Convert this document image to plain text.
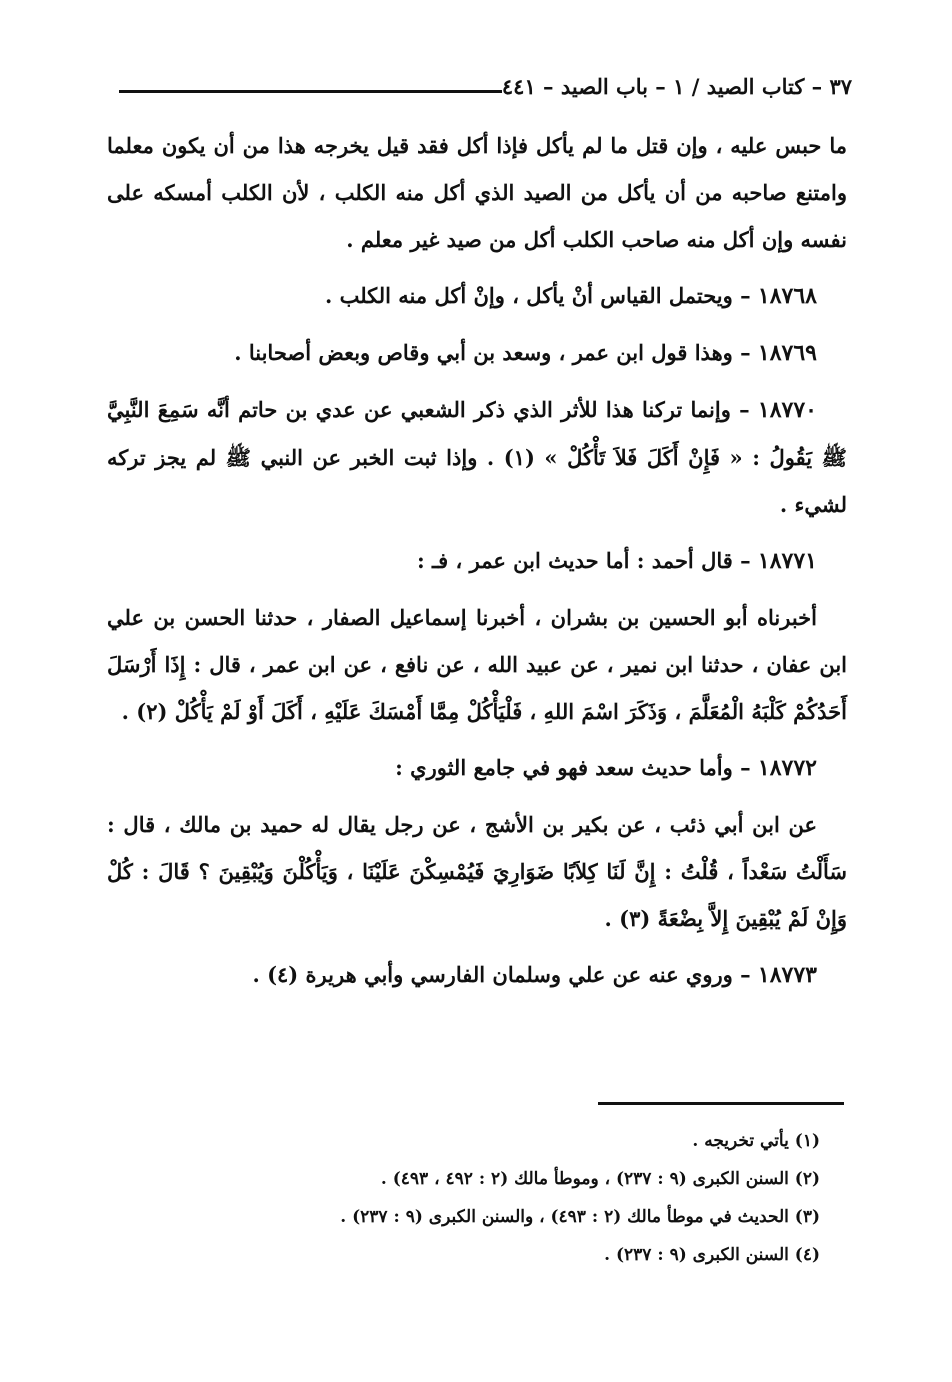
٣٧ – كتاب الصيد / ١ – باب الصيد – ٤٤١

ما حبس عليه ، وإن قتل ما لم يأكل فإذا أكل فقد قيل يخرجه هذا من أن يكون معلما وامتنع صاحبه من أن يأكل من الصيد الذي أكل منه الكلب ، لأن الكلب أمسكه على نفسه وإن أكل منه صاحب الكلب أكل من صيد غير معلم .

١٨٧٦٨ – ويحتمل القياس أنْ يأكل ، وإنْ أكل منه الكلب .

١٨٧٦٩ – وهذا قول ابن عمر ، وسعد بن أبي وقاص وبعض أصحابنا .

١٨٧٧٠ – وإنما تركنا هذا للأثر الذي ذكر الشعبي عن عدي بن حاتم أنَّه سَمِعَ النَّبِيَّ ﷺ يَقُولُ : « فَإِنْ أَكَلَ فَلاَ تَأْكُلْ » (١) . وإذا ثبت الخبر عن النبي ﷺ لم يجز تركه لشيء .

١٨٧٧١ – قال أحمد : أما حديث ابن عمر ، فـ :

أخبرناه أبو الحسين بن بشران ، أخبرنا إسماعيل الصفار ، حدثنا الحسن بن علي ابن عفان ، حدثنا ابن نمير ، عن عبيد الله ، عن نافع ، عن ابن عمر ، قال : إِذَا أَرْسَلَ أَحَدُكُمْ كَلْبَهُ الْمُعَلَّمَ ، وَذَكَرَ اسْمَ اللهِ ، فَلْيَأْكُلْ مِمَّا أَمْسَكَ عَلَيْهِ ، أَكَلَ أَوْ لَمْ يَأْكُلْ (٢) .

١٨٧٧٢ – وأما حديث سعد فهو في جامع الثوري :

عن ابن أبي ذئب ، عن بكير بن الأشج ، عن رجل يقال له حميد بن مالك ، قال : سَأَلْتُ سَعْداً ، قُلْتُ : إِنَّ لَنَا كِلاَبًا ضَوَارِيَ فَيُمْسِكْنَ عَلَيْنَا ، وَيَأْكُلْنَ وَيُبْقِينَ ؟ قَالَ : كُلْ وَإِنْ لَمْ يُبْقِينَ إِلاَّ بِضْعَةً (٣) .

١٨٧٧٣ – وروي عنه عن علي وسلمان الفارسي وأبي هريرة (٤) .

(١) يأتي تخريجه .

(٢) السنن الكبرى (٩ : ٢٣٧) ، وموطأ مالك (٢ : ٤٩٢ ، ٤٩٣) .

(٣) الحديث في موطأ مالك (٢ : ٤٩٣) ، والسنن الكبرى (٩ : ٢٣٧) .

(٤) السنن الكبرى (٩ : ٢٣٧) .
